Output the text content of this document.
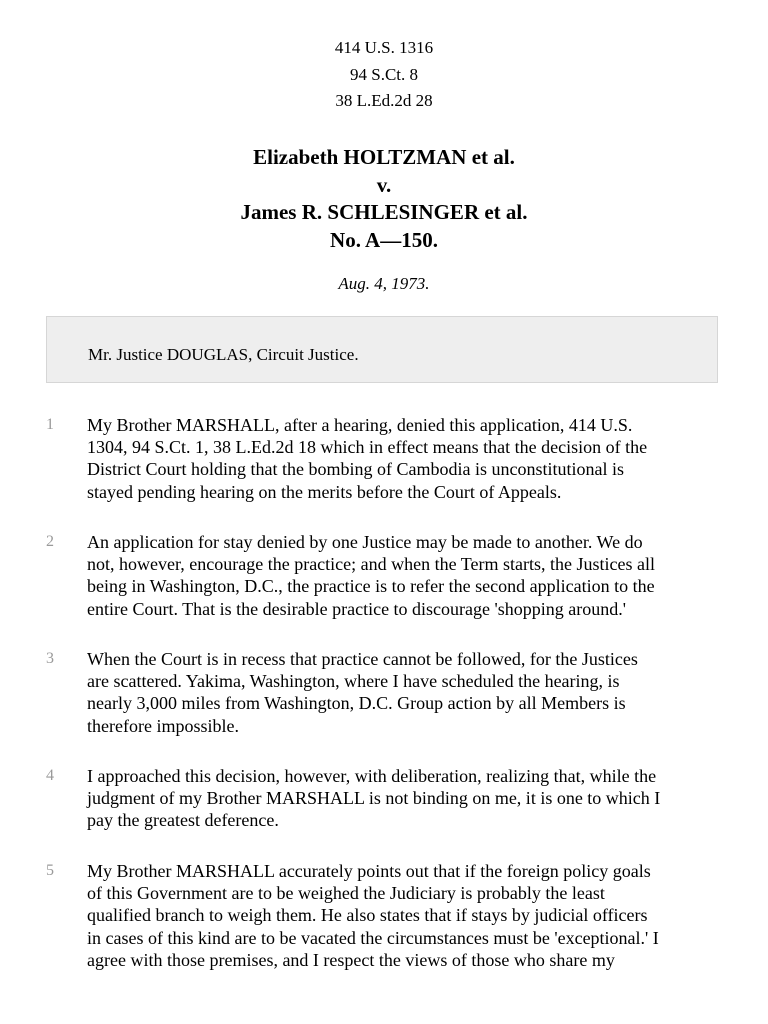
414 U.S. 1316
94 S.Ct. 8
38 L.Ed.2d 28
Elizabeth HOLTZMAN et al.
v.
James R. SCHLESINGER et al.
No. A—150.
Aug. 4, 1973.
Mr. Justice DOUGLAS, Circuit Justice.
1 My Brother MARSHALL, after a hearing, denied this application, 414 U.S.
1304, 94 S.Ct. 1, 38 L.Ed.2d 18 which in effect means that the decision of the
District Court holding that the bombing of Cambodia is unconstitutional is
stayed pending hearing on the merits before the Court of Appeals.
2 An application for stay denied by one Justice may be made to another. We do
not, however, encourage the practice; and when the Term starts, the Justices all
being in Washington, D.C., the practice is to refer the second application to the
entire Court. That is the desirable practice to discourage 'shopping around.'
3 When the Court is in recess that practice cannot be followed, for the Justices
are scattered. Yakima, Washington, where I have scheduled the hearing, is
nearly 3,000 miles from Washington, D.C. Group action by all Members is
therefore impossible.
4 I approached this decision, however, with deliberation, realizing that, while the
judgment of my Brother MARSHALL is not binding on me, it is one to which I
pay the greatest deference.
5 My Brother MARSHALL accurately points out that if the foreign policy goals
of this Government are to be weighed the Judiciary is probably the least
qualified branch to weigh them. He also states that if stays by judicial officers
in cases of this kind are to be vacated the circumstances must be 'exceptional.' I
agree with those premises, and I respect the views of those who share my
